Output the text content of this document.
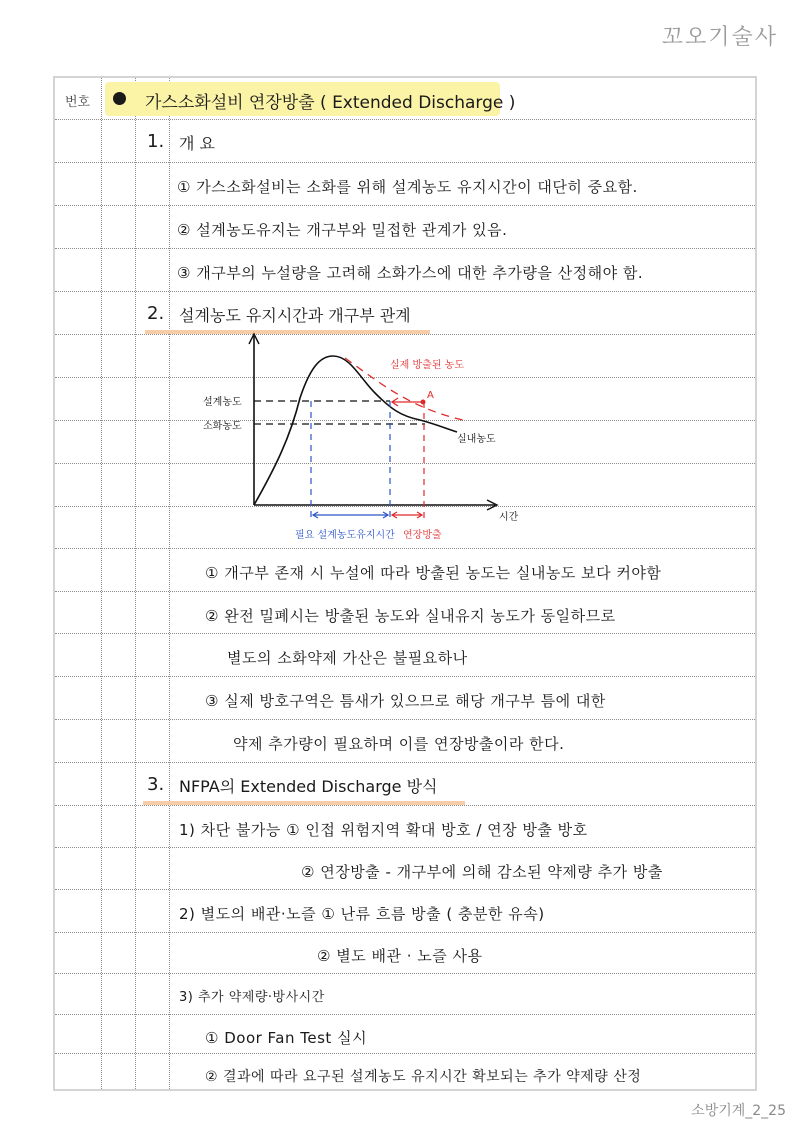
꼬오기술사
번호	가스소화설비 연장방출 ( Extended Discharge )
1. 개 요
① 가스소화설비는 소화를 위해 설계농도 유지시간이 대단히 중요함.
② 설계농도유지는 개구부와 밀접한 관계가 있음.
③ 개구부의 누설량을 고려해 소화가스에 대한 추가량을 산정해야 함.
2. 설계농도 유지시간과 개구부 관계
설계농도
소화농도
시간
실내농도
실제 방출된 농도
A
필요 설계농도유지시간 연장방출
① 개구부 존재 시 누설에 따라 방출된 농도는 실내농도 보다 커야함
② 완전 밀폐시는 방출된 농도와 실내유지 농도가 동일하므로
별도의 소화약제 가산은 불필요하나
③ 실제 방호구역은 틈새가 있으므로 해당 개구부 틈에 대한
약제 추가량이 필요하며 이를 연장방출이라 한다.
3. NFPA의 Extended Discharge 방식
1) 차단 불가능 ① 인접 위험지역 확대 방호 / 연장 방출 방호
② 연장방출 - 개구부에 의해 감소된 약제량 추가 방출
2) 별도의 배관·노즐 ① 난류 흐름 방출 ( 충분한 유속)
② 별도 배관 · 노즐 사용
3) 추가 약제량·방사시간
① Door Fan Test 실시
② 결과에 따라 요구된 설계농도 유지시간 확보되는 추가 약제량 산정
소방기계_2_25
